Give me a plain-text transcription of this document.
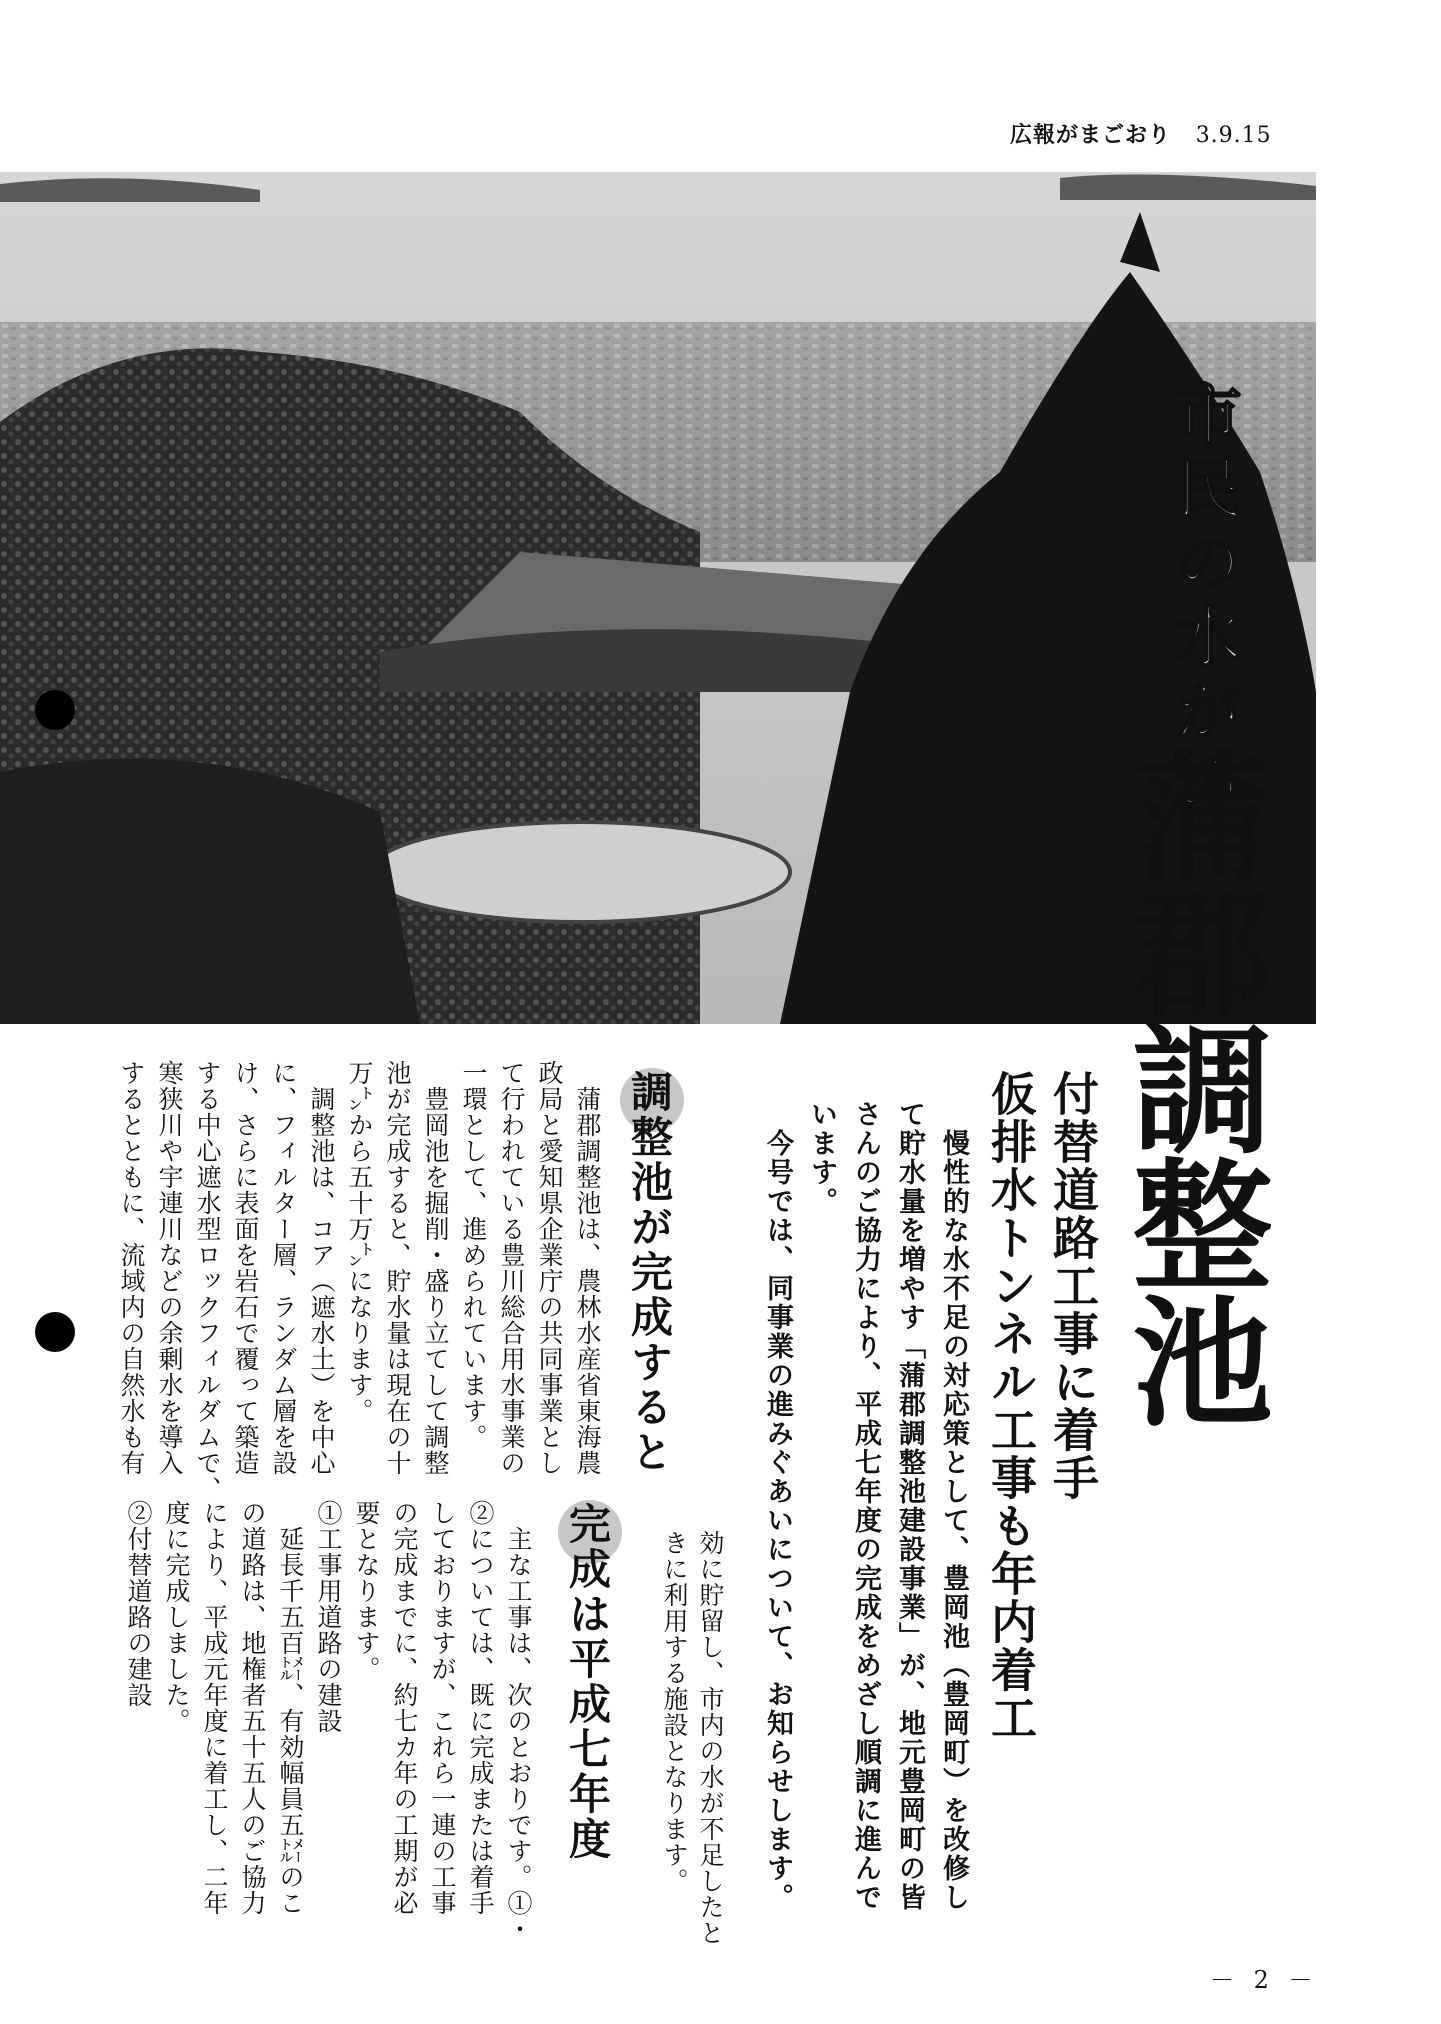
広報がまごおり 3.9.15
市民の水がめ
蒲郡調整池
付替道路工事に着手
仮排水トンネル工事も年内着工
　慢性的な水不足の対応策として、豊岡池（豊岡町）を改修し
て貯水量を増やす「蒲郡調整池建設事業」が、地元豊岡町の皆
さんのご協力により、平成七年度の完成をめざし順調に進んで
います。
　今号では、同事業の進みぐあいについて、お知らせします。
効に貯留し、市内の水が不足したと
きに利用する施設となります。
調整池が完成すると
完成は平成七年度
　主な工事は、次のとおりです。①・
②については、既に完成または着手
しておりますが、これら一連の工事
の完成までに、約七カ年の工期が必
要となります。
①工事用道路の建設
　延長千五百㍍、有効幅員五㍍のこ
の道路は、地権者五十五人のご協力
により、平成元年度に着工し、二年
度に完成しました。
②付替道路の建設
　蒲郡調整池は、農林水産省東海農
政局と愛知県企業庁の共同事業とし
て行われている豊川総合用水事業の
一環として、進められています。
　豊岡池を掘削・盛り立てして調整
池が完成すると、貯水量は現在の十
万㌧から五十万㌧になります。
　調整池は、コア（遮水土）を中心
に、フィルター層、ランダム層を設
け、さらに表面を岩石で覆って築造
する中心遮水型ロックフィルダムで、
寒狭川や宇連川などの余剰水を導入
するとともに、流域内の自然水も有
－ 2 －
